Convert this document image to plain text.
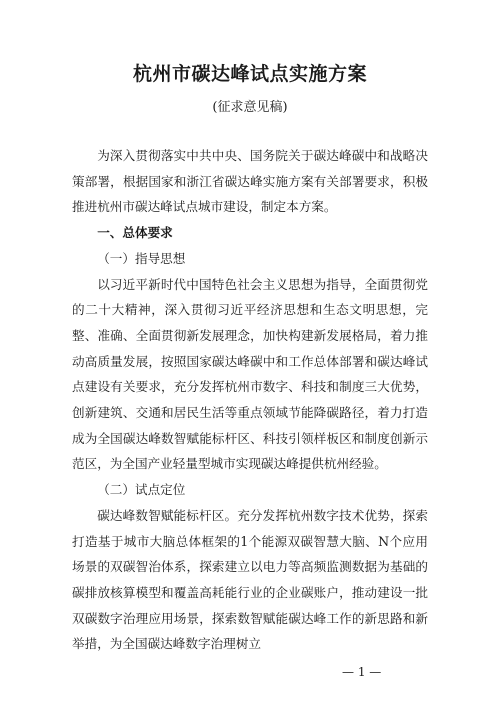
杭州市碳达峰试点实施方案
(征求意见稿)

为深入贯彻落实中共中央、国务院关于碳达峰碳中和战略决策部署，根据国家和浙江省碳达峰实施方案有关部署要求，积极推进杭州市碳达峰试点城市建设，制定本方案。

一、总体要求

（一）指导思想

以习近平新时代中国特色社会主义思想为指导，全面贯彻党的二十大精神，深入贯彻习近平经济思想和生态文明思想，完整、准确、全面贯彻新发展理念，加快构建新发展格局，着力推动高质量发展，按照国家碳达峰碳中和工作总体部署和碳达峰试点建设有关要求，充分发挥杭州市数字、科技和制度三大优势，创新建筑、交通和居民生活等重点领域节能降碳路径，着力打造成为全国碳达峰数智赋能标杆区、科技引领样板区和制度创新示范区，为全国产业轻量型城市实现碳达峰提供杭州经验。

（二）试点定位

碳达峰数智赋能标杆区。充分发挥杭州数字技术优势，探索打造基于城市大脑总体框架的1个能源双碳智慧大脑、N个应用场景的双碳智治体系，探索建立以电力等高频监测数据为基础的碳排放核算模型和覆盖高耗能行业的企业碳账户，推动建设一批双碳数字治理应用场景，探索数智赋能碳达峰工作的新思路和新举措，为全国碳达峰数字治理树立

— 1 —
